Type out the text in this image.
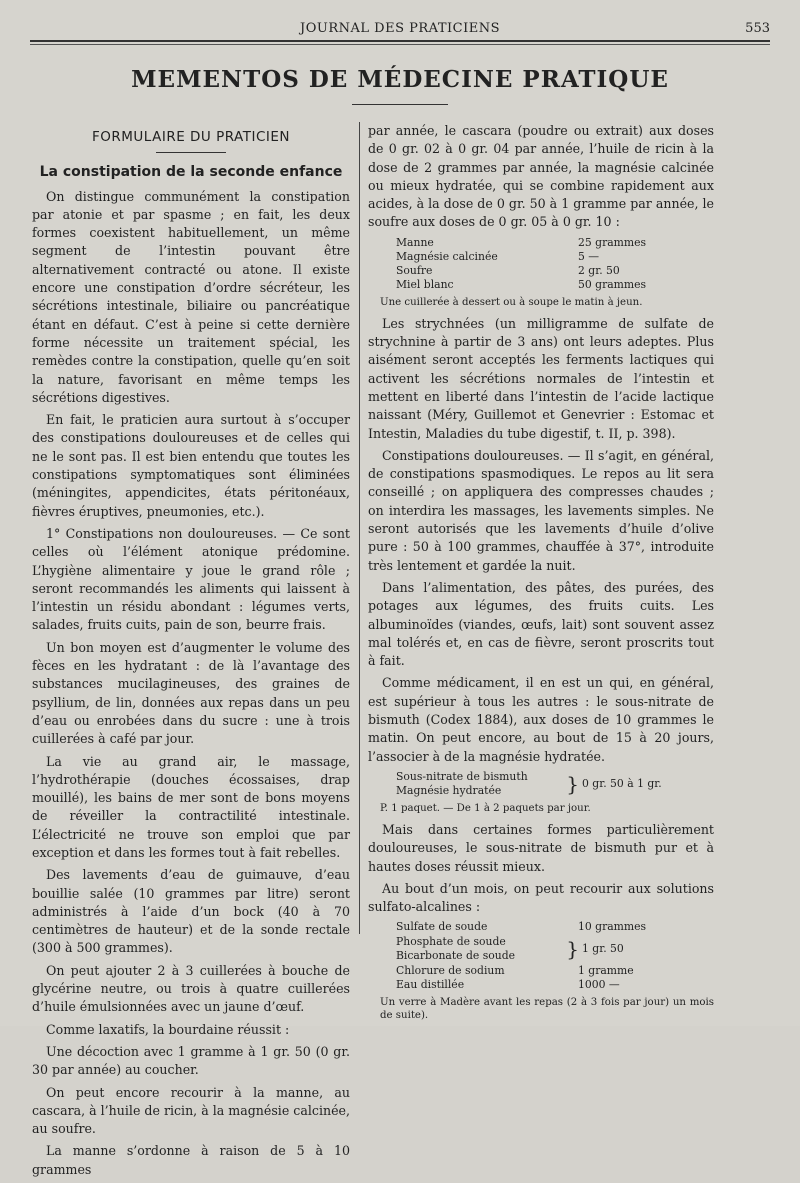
JOURNAL DES PRATICIENS	553
MEMENTOS DE MÉDECINE PRATIQUE
FORMULAIRE DU PRATICIEN
La constipation de la seconde enfance

On distingue communément la constipation par atonie et par spasme ; en fait, les deux formes coexistent habituellement, un même segment de l’intestin pouvant être alternativement contracté ou atone. Il existe encore une constipation d’ordre sécréteur, les sécrétions intestinale, biliaire ou pancréatique étant en défaut. C’est à peine si cette dernière forme nécessite un traitement spécial, les remèdes contre la constipation, quelle qu’en soit la nature, favorisant en même temps les sécrétions digestives.

En fait, le praticien aura surtout à s’occuper des constipations douloureuses et de celles qui ne le sont pas. Il est bien entendu que toutes les constipations symptomatiques sont éliminées (méningites, appendicites, états péritonéaux, fièvres éruptives, pneumonies, etc.).

1° Constipations non douloureuses. — Ce sont celles où l’élément atonique prédomine. L’hygiène alimentaire y joue le grand rôle ; seront recommandés les aliments qui laissent à l’intestin un résidu abondant : légumes verts, salades, fruits cuits, pain de son, beurre frais.

Un bon moyen est d’augmenter le volume des fèces en les hydratant : de là l’avantage des substances mucilagineuses, des graines de psyllium, de lin, données aux repas dans un peu d’eau ou enrobées dans du sucre : une à trois cuillerées à café par jour.

La vie au grand air, le massage, l’hydrothérapie (douches écossaises, drap mouillé), les bains de mer sont de bons moyens de réveiller la contractilité intestinale. L’électricité ne trouve son emploi que par exception et dans les formes tout à fait rebelles.

Des lavements d’eau de guimauve, d’eau bouillie salée (10 grammes par litre) seront administrés à l’aide d’un bock (40 à 70 centimètres de hauteur) et de la sonde rectale (300 à 500 grammes).

On peut ajouter 2 à 3 cuillerées à bouche de glycérine neutre, ou trois à quatre cuillerées d’huile émulsionnées avec un jaune d’œuf.

Comme laxatifs, la bourdaine réussit :

Une décoction avec 1 gramme à 1 gr. 50 (0 gr. 30 par année) au coucher.

On peut encore recourir à la manne, au cascara, à l’huile de ricin, à la magnésie calcinée, au soufre.

La manne s’ordonne à raison de 5 à 10 grammes

par année, le cascara (poudre ou extrait) aux doses de 0 gr. 02 à 0 gr. 04 par année, l’huile de ricin à la dose de 2 grammes par année, la magnésie calcinée ou mieux hydratée, qui se combine rapidement aux acides, à la dose de 0 gr. 50 à 1 gramme par année, le soufre aux doses de 0 gr. 05 à 0 gr. 10 :

Manne	25 grammes
Magnésie calcinée	5 —
Soufre	2 gr. 50
Miel blanc	50 grammes
Une cuillerée à dessert ou à soupe le matin à jeun.

Les strychnées (un milligramme de sulfate de strychnine à partir de 3 ans) ont leurs adeptes. Plus aisément seront acceptés les ferments lactiques qui activent les sécrétions normales de l’intestin et mettent en liberté dans l’intestin de l’acide lactique naissant (Méry, Guillemot et Genevrier : Estomac et Intestin, Maladies du tube digestif, t. II, p. 398).

Constipations douloureuses. — Il s’agit, en général, de constipations spasmodiques. Le repos au lit sera conseillé ; on appliquera des compresses chaudes ; on interdira les massages, les lavements simples. Ne seront autorisés que les lavements d’huile d’olive pure : 50 à 100 grammes, chauffée à 37°, introduite très lentement et gardée la nuit.

Dans l’alimentation, des pâtes, des purées, des potages aux légumes, des fruits cuits. Les albuminoïdes (viandes, œufs, lait) sont souvent assez mal tolérés et, en cas de fièvre, seront proscrits tout à fait.

Comme médicament, il en est un qui, en général, est supérieur à tous les autres : le sous-nitrate de bismuth (Codex 1884), aux doses de 10 grammes le matin. On peut encore, au bout de 15 à 20 jours, l’associer à de la magnésie hydratée.

Sous-nitrate de bismuth
Magnésie hydratée	} 0 gr. 50 à 1 gr.
P. 1 paquet. — De 1 à 2 paquets par jour.

Mais dans certaines formes particulièrement douloureuses, le sous-nitrate de bismuth pur et à hautes doses réussit mieux.

Au bout d’un mois, on peut recourir aux solutions sulfato-alcalines :

Sulfate de soude	10 grammes
Phosphate de soude
Bicarbonate de soude	} 1 gr. 50
Chlorure de sodium	1 gramme
Eau distillée	1000 —
Un verre à Madère avant les repas (2 à 3 fois par jour) un mois de suite).
